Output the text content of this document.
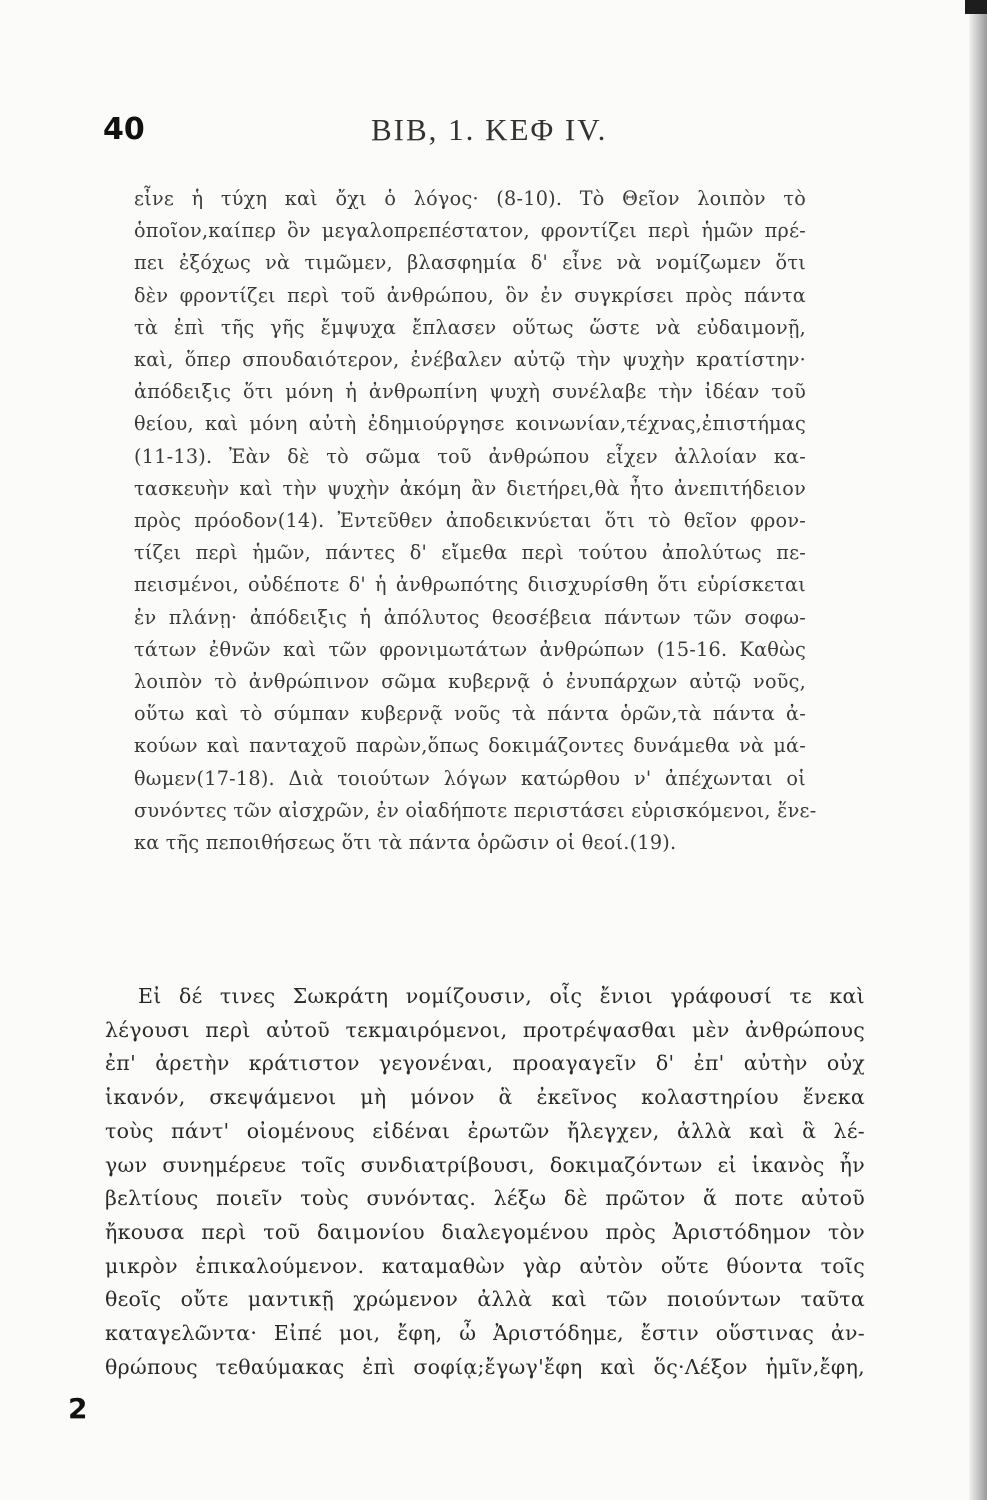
40	ΒΙΒ, 1. ΚΕΦ ΙV.

εἶνε ἡ τύχη καὶ ὄχι ὁ λόγος· (8-10). Τὸ Θεῖον λοιπὸν τὸ

ὁποῖον,καίπερ ὂν μεγαλοπρεπέστατον, φροντίζει περὶ ἡμῶν πρέ-

πει ἐξόχως νὰ τιμῶμεν, βλασφημία δ' εἶνε νὰ νομίζωμεν ὅτι

δὲν φροντίζει περὶ τοῦ ἀνθρώπου, ὃν ἐν συγκρίσει πρὸς πάντα

τὰ ἐπὶ τῆς γῆς ἔμψυχα ἔπλασεν οὕτως ὥστε νὰ εὐδαιμονῇ,

καὶ, ὅπερ σπουδαιότερον, ἐνέβαλεν αὐτῷ τὴν ψυχὴν κρατίστην·

ἀπόδειξις ὅτι μόνη ἡ ἀνθρωπίνη ψυχὴ συνέλαβε τὴν ἰδέαν τοῦ

θείου, καὶ μόνη αὐτὴ ἐδημιούργησε κοινωνίαν,τέχνας,ἐπιστήμας

(11-13). Ἐὰν δὲ τὸ σῶμα τοῦ ἀνθρώπου εἶχεν ἀλλοίαν κα-

τασκευὴν καὶ τὴν ψυχὴν ἀκόμη ἂν διετήρει,θὰ ἦτο ἀνεπιτήδειον

πρὸς πρόοδον(14). Ἐντεῦθεν ἀποδεικνύεται ὅτι τὸ θεῖον φρον-

τίζει περὶ ἡμῶν, πάντες δ' εἴμεθα περὶ τούτου ἀπολύτως πε-

πεισμένοι, οὐδέποτε δ' ἡ ἀνθρωπότης διισχυρίσθη ὅτι εὑρίσκεται

ἐν πλάνῃ· ἀπόδειξις ἡ ἀπόλυτος θεοσέβεια πάντων τῶν σοφω-

τάτων ἐθνῶν καὶ τῶν φρονιμωτάτων ἀνθρώπων (15-16. Καθὼς

λοιπὸν τὸ ἀνθρώπινον σῶμα κυβερνᾷ ὁ ἐνυπάρχων αὐτῷ νοῦς,

οὕτω καὶ τὸ σύμπαν κυβερνᾷ νοῦς τὰ πάντα ὁρῶν,τὰ πάντα ἀ-

κούων καὶ πανταχοῦ παρὼν,ὅπως δοκιμάζοντες δυνάμεθα νὰ μά-

θωμεν(17-18). Διὰ τοιούτων λόγων κατώρθου ν' ἀπέχωνται οἱ

συνόντες τῶν αἰσχρῶν, ἐν οἱαδήποτε περιστάσει εὑρισκόμενοι, ἕνε-

κα τῆς πεποιθήσεως ὅτι τὰ πάντα ὁρῶσιν οἱ θεοί.(19).

Εἰ δέ τινες Σωκράτη νομίζουσιν, οἷς ἔνιοι γράφουσί τε καὶ

λέγουσι περὶ αὐτοῦ τεκμαιρόμενοι, προτρέψασθαι μὲν ἀνθρώπους

ἐπ' ἀρετὴν κράτιστον γεγονέναι, προαγαγεῖν δ' ἐπ' αὐτὴν οὐχ

ἱκανόν, σκεψάμενοι μὴ μόνον ἃ ἐκεῖνος κολαστηρίου ἕνεκα

τοὺς πάντ' οἰομένους εἰδέναι ἐρωτῶν ἤλεγχεν, ἀλλὰ καὶ ἃ λέ-

γων συνημέρευε τοῖς συνδιατρίβουσι, δοκιμαζόντων εἰ ἱκανὸς ἦν

βελτίους ποιεῖν τοὺς συνόντας. λέξω δὲ πρῶτον ἅ ποτε αὐτοῦ

ἤκουσα περὶ τοῦ δαιμονίου διαλεγομένου πρὸς Ἀριστόδημον τὸν

μικρὸν ἐπικαλούμενον. καταμαθὼν γὰρ αὐτὸν οὔτε θύοντα τοῖς

θεοῖς οὔτε μαντικῇ χρώμενον ἀλλὰ καὶ τῶν ποιούντων ταῦτα

καταγελῶντα· Εἰπέ μοι, ἔφη, ὦ Ἀριστόδημε, ἔστιν οὕστινας ἀν-

θρώπους τεθαύμακας ἐπὶ σοφίᾳ;ἔγωγ'ἔφη καὶ ὅς·Λέξον ἡμῖν,ἔφη,

2
